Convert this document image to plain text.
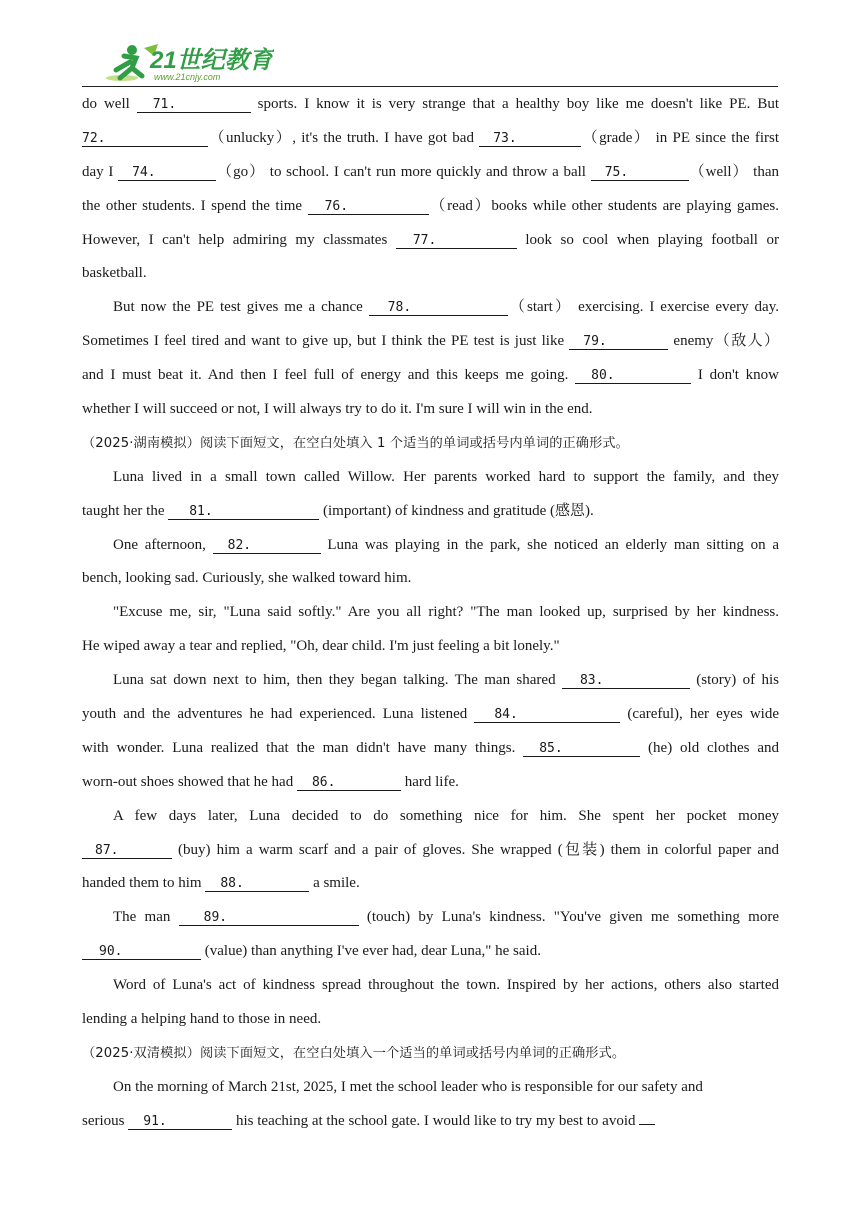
21世纪教育
www.21cnjy.com
do well 71.	sports. I know it is very strange that a healthy boy like me doesn't like PE. But
72.	（unlucky）, it's the truth. I have got bad 73.	（grade） in PE since the first
day I 74.	（go） to school. I can't run more quickly and throw a ball 75.	（well） than
the other students. I spend the time 76.	（read）books while other students are playing games.
However, I can't help admiring my classmates 77.	look so cool when playing football or
basketball.
But now the PE test gives me a chance 78.	（start） exercising. I exercise every day.
Sometimes I feel tired and want to give up, but I think the PE test is just like 79.	enemy（敌人）
and I must beat it. And then I feel full of energy and this keeps me going. 80.	I don't know
whether I will succeed or not, I will always try to do it. I'm sure I will win in the end.
（2025·湖南模拟）阅读下面短文，在空白处填入 1 个适当的单词或括号内单词的正确形式。
Luna lived in a small town called Willow. Her parents worked hard to support the family, and they
taught her the 81.	(important) of kindness and gratitude (感恩).
One afternoon, 82.	Luna was playing in the park, she noticed an elderly man sitting on a
bench, looking sad. Curiously, she walked toward him.
"Excuse me, sir, "Luna said softly." Are you all right? "The man looked up, surprised by her kindness.
He wiped away a tear and replied, "Oh, dear child. I'm just feeling a bit lonely."
Luna sat down next to him, then they began talking. The man shared 83.	(story) of his
youth and the adventures he had experienced. Luna listened 84.	(careful), her eyes wide
with wonder. Luna realized that the man didn't have many things. 85.	(he) old clothes and
worn-out shoes showed that he had 86.	hard life.
A few days later, Luna decided to do something nice for him. She spent her pocket money
87.	(buy) him a warm scarf and a pair of gloves. She wrapped (包装) them in colorful paper and
handed them to him 88.	a smile.
The man 89.	(touch) by Luna's kindness. "You've given me something more
90.	(value) than anything I've ever had, dear Luna," he said.
Word of Luna's act of kindness spread throughout the town. Inspired by her actions, others also started
lending a helping hand to those in need.
（2025·双清模拟）阅读下面短文，在空白处填入一个适当的单词或括号内单词的正确形式。
On the morning of March 21st, 2025, I met the school leader who is responsible for our safety and
serious 91.	his teaching at the school gate. I would like to try my best to avoid
